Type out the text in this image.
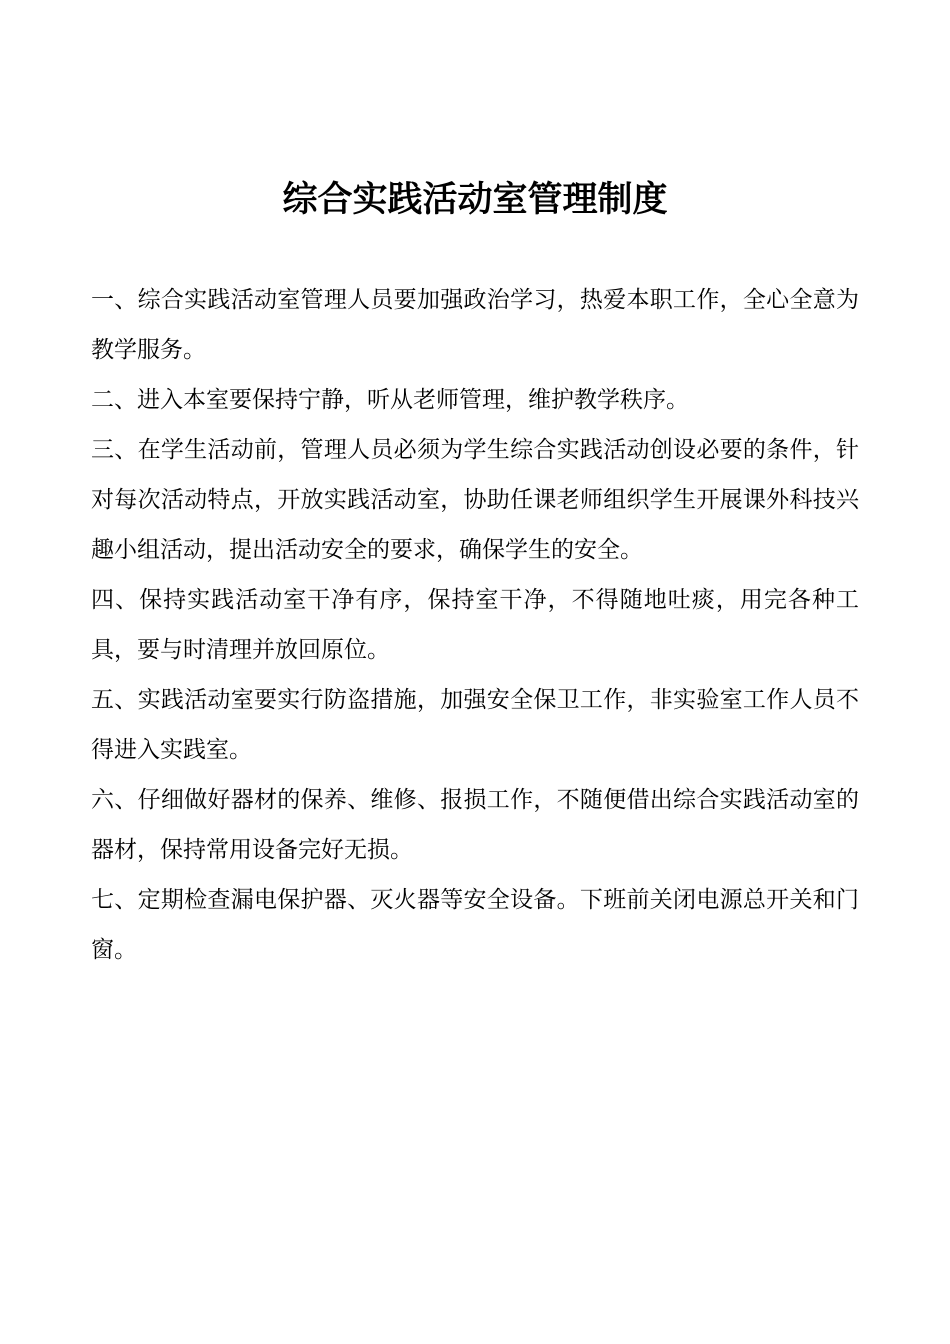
综合实践活动室管理制度

一、综合实践活动室管理人员要加强政治学习，热爱本职工作，全心全意为教学服务。

二、进入本室要保持宁静，听从老师管理，维护教学秩序。

三、在学生活动前，管理人员必须为学生综合实践活动创设必要的条件，针对每次活动特点，开放实践活动室，协助任课老师组织学生开展课外科技兴趣小组活动，提出活动安全的要求，确保学生的安全。

四、保持实践活动室干净有序，保持室干净，不得随地吐痰，用完各种工具，要与时清理并放回原位。

五、实践活动室要实行防盗措施，加强安全保卫工作，非实验室工作人员不得进入实践室。

六、仔细做好器材的保养、维修、报损工作，不随便借出综合实践活动室的器材，保持常用设备完好无损。

七、定期检查漏电保护器、灭火器等安全设备。下班前关闭电源总开关和门窗。
